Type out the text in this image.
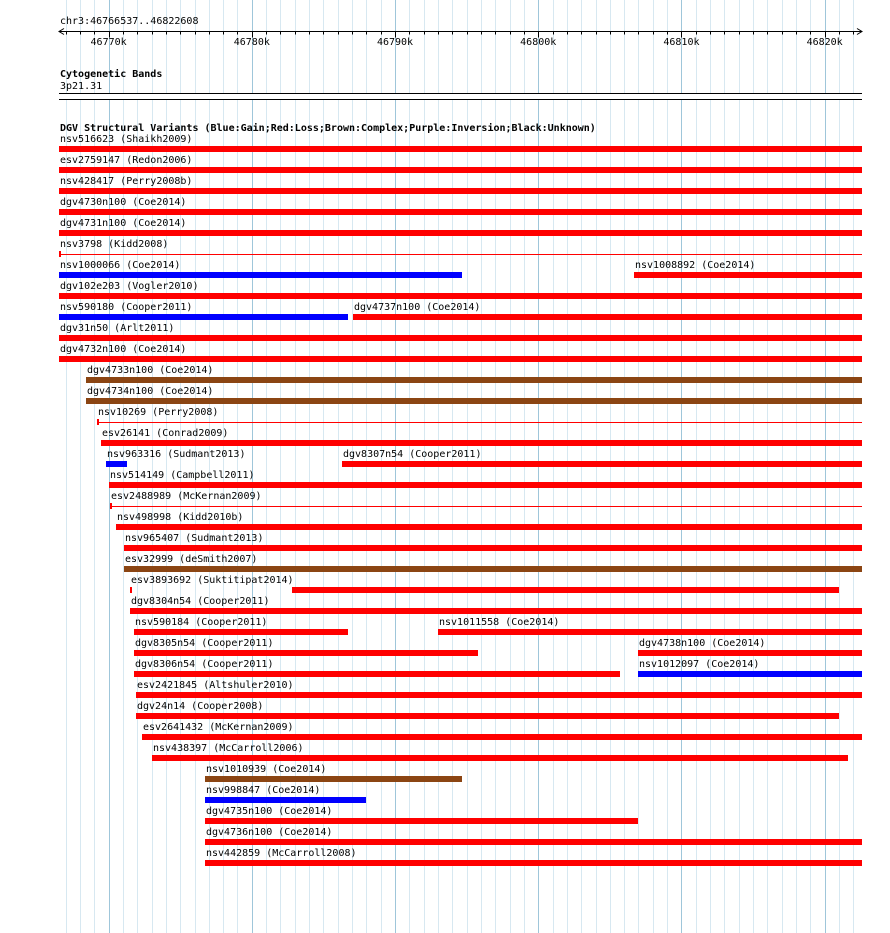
chr3:46766537..46822608
46770k	46780k	46790k	46800k	46810k	46820k
Cytogenetic Bands
3p21.31
DGV Structural Variants (Blue:Gain;Red:Loss;Brown:Complex;Purple:Inversion;Black:Unknown)
nsv516623 (Shaikh2009)
esv2759147 (Redon2006)
nsv428417 (Perry2008b)
dgv4730n100 (Coe2014)
dgv4731n100 (Coe2014)
nsv3798 (Kidd2008)
nsv1000066 (Coe2014)	nsv1008892 (Coe2014)
dgv102e203 (Vogler2010)
nsv590180 (Cooper2011)	dgv4737n100 (Coe2014)
dgv31n50 (Arlt2011)
dgv4732n100 (Coe2014)
dgv4733n100 (Coe2014)
dgv4734n100 (Coe2014)
nsv10269 (Perry2008)
esv26141 (Conrad2009)
nsv963316 (Sudmant2013)	dgv8307n54 (Cooper2011)
nsv514149 (Campbell2011)
esv2488989 (McKernan2009)
nsv498998 (Kidd2010b)
nsv965407 (Sudmant2013)
esv32999 (deSmith2007)
esv3893692 (Suktitipat2014)
dgv8304n54 (Cooper2011)
nsv590184 (Cooper2011)	nsv1011558 (Coe2014)
dgv8305n54 (Cooper2011)	dgv4738n100 (Coe2014)
dgv8306n54 (Cooper2011)	nsv1012097 (Coe2014)
esv2421845 (Altshuler2010)
dgv24n14 (Cooper2008)
esv2641432 (McKernan2009)
nsv438397 (McCarroll2006)
nsv1010939 (Coe2014)
nsv998847 (Coe2014)
dgv4735n100 (Coe2014)
dgv4736n100 (Coe2014)
nsv442859 (McCarroll2008)
